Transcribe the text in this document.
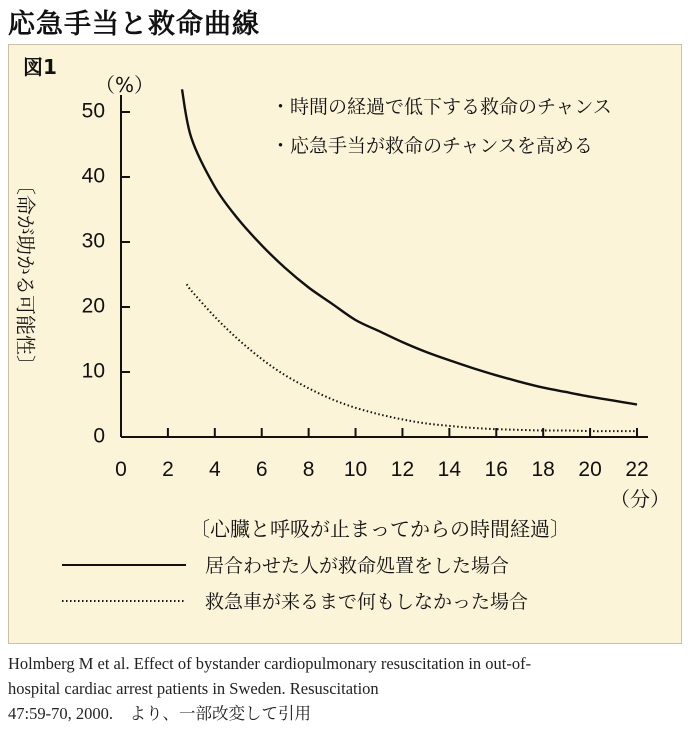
応急手当と救命曲線
図1
0
10
20
30
40
50
0 2 4 6 8 10 12 14 16 18 20 22
（%）
（分）
〔命が助かる可能性〕
〔心臓と呼吸が止まってからの時間経過〕
・時間の経過で低下する救命のチャンス
・応急手当が救命のチャンスを高める
居合わせた人が救命処置をした場合
救急車が来るまで何もしなかった場合
Holmberg M et al. Effect of bystander cardiopulmonary resuscitation in out-of-
hospital cardiac arrest patients in Sweden. Resuscitation
47:59-70, 2000.　より、一部改変して引用
